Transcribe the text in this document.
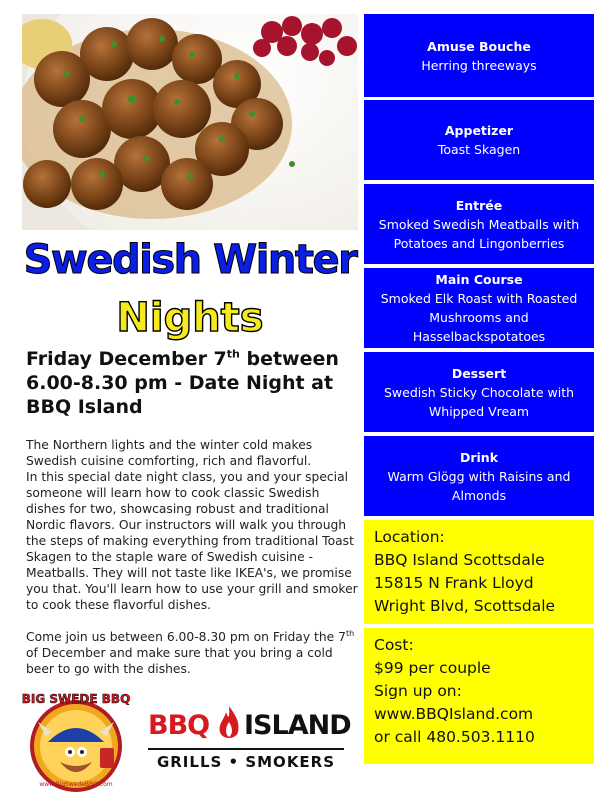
Swedish Winter
Nights
Friday December 7th between 6.00-8.30 pm - Date Night at BBQ Island

The Northern lights and the winter cold makes Swedish cuisine comforting, rich and flavorful.

In this special date night class, you and your special someone will learn how to cook classic Swedish dishes for two, showcasing robust and traditional Nordic flavors. Our instructors will walk you through the steps of making everything from traditional Toast Skagen to the staple ware of Swedish cuisine - Meatballs. They will not taste like IKEA's, we promise you that. You'll learn how to use your grill and smoker to cook these flavorful dishes.

Come join us between 6.00-8.30 pm on Friday the 7th of December and make sure that you bring a cold beer to go with the dishes.

Amuse Bouche
Herring threeways
Appetizer
Toast Skagen
Entrée
Smoked Swedish Meatballs with Potatoes and Lingonberries
Main Course
Smoked Elk Roast with Roasted Mushrooms and Hasselbackspotatoes
Dessert
Swedish Sticky Chocolate with Whipped Vream
Drink
Warm Glögg with Raisins and Almonds
Location:
BBQ Island Scottsdale
15815 N Frank Lloyd Wright Blvd, Scottsdale
Cost:
$99 per couple
Sign up on:
www.BBQIsland.com
or call 480.503.1110
BIG SWEDE BBQ
www.BigSwedeBBQ.com
BBQ ISLAND
GRILLS • SMOKERS
